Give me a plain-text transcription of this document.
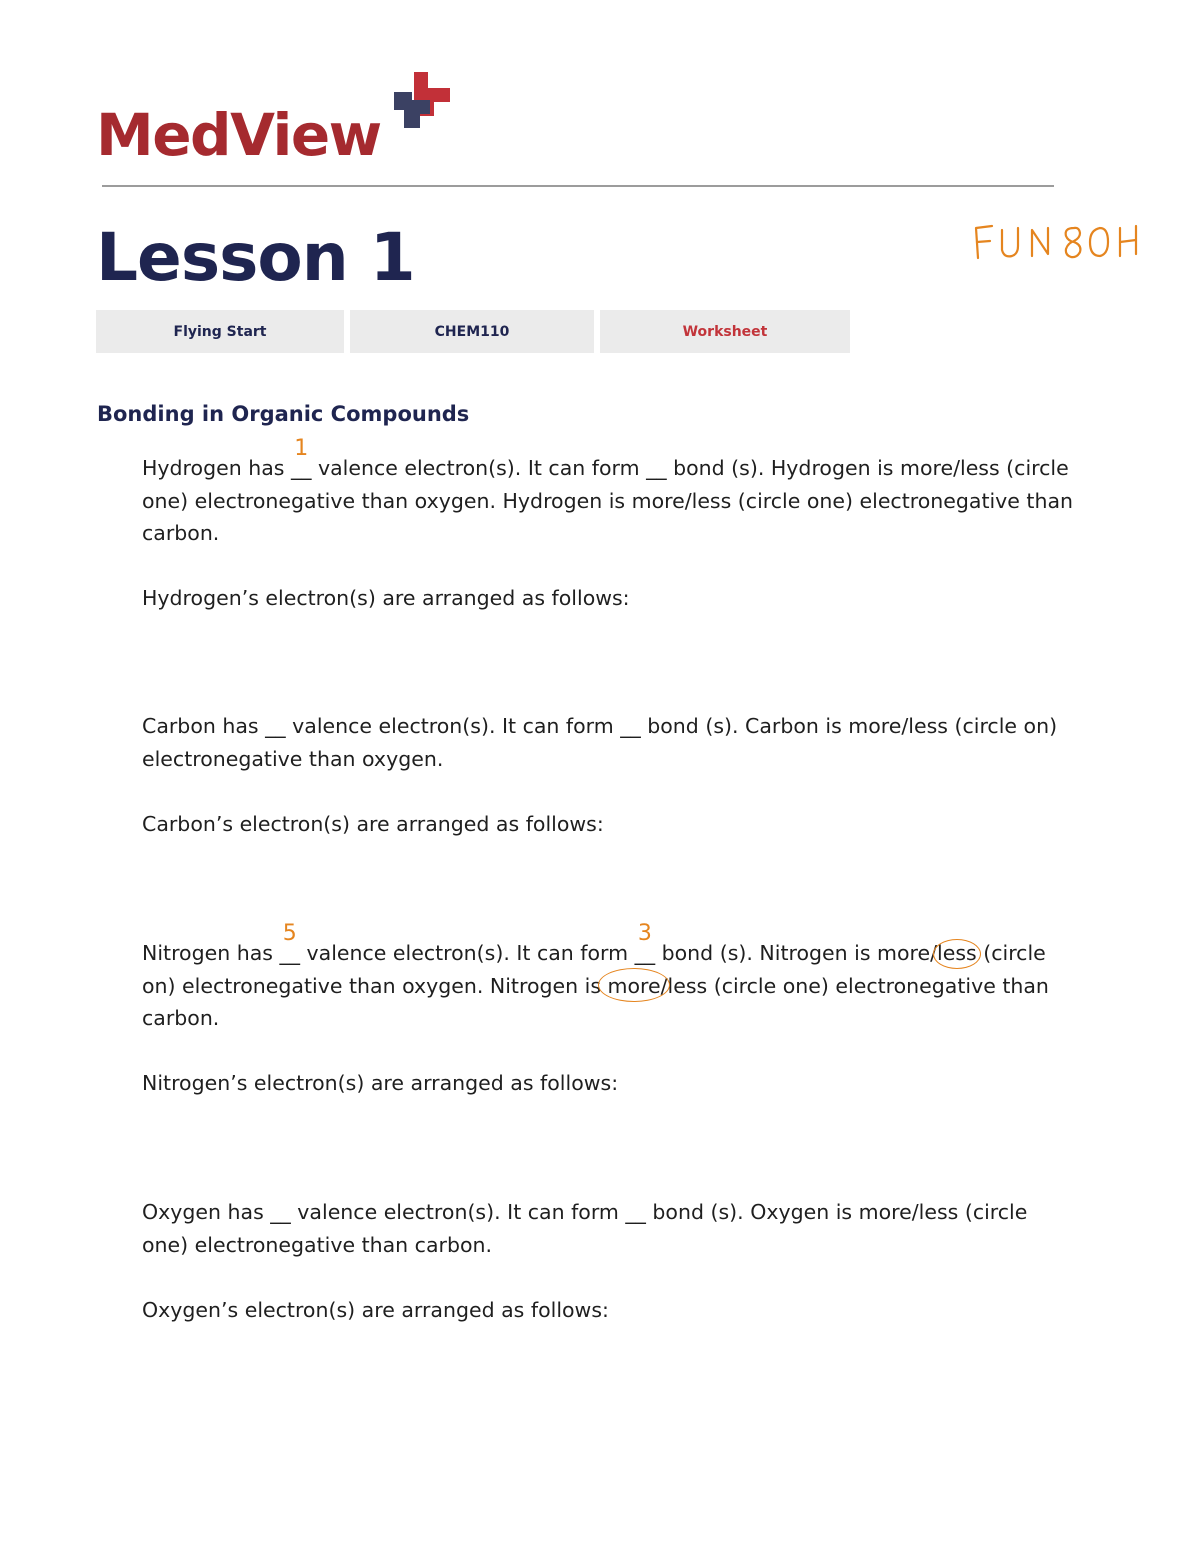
MedView
Lesson 1
Flying Start	CHEM110	Worksheet
Bonding in Organic Compounds
Hydrogen has __
1
valence electron(s). It can form __ bond (s). Hydrogen is more/less (circle one) electronegative than oxygen. Hydrogen is more/less (circle one) electronegative than carbon.
Hydrogen’s electron(s) are arranged as follows:
Carbon has __ valence electron(s). It can form __ bond (s). Carbon is more/less (circle on) electronegative than oxygen.
Carbon’s electron(s) are arranged as follows:
Nitrogen has __
5
valence electron(s). It can form __
3
bond (s). Nitrogen is more/less
(circle on) electronegative than oxygen. Nitrogen is more
/less (circle one) electronegative than carbon.
Nitrogen’s electron(s) are arranged as follows:
Oxygen has __ valence electron(s). It can form __ bond (s). Oxygen is more/less (circle one) electronegative than carbon.
Oxygen’s electron(s) are arranged as follows:
